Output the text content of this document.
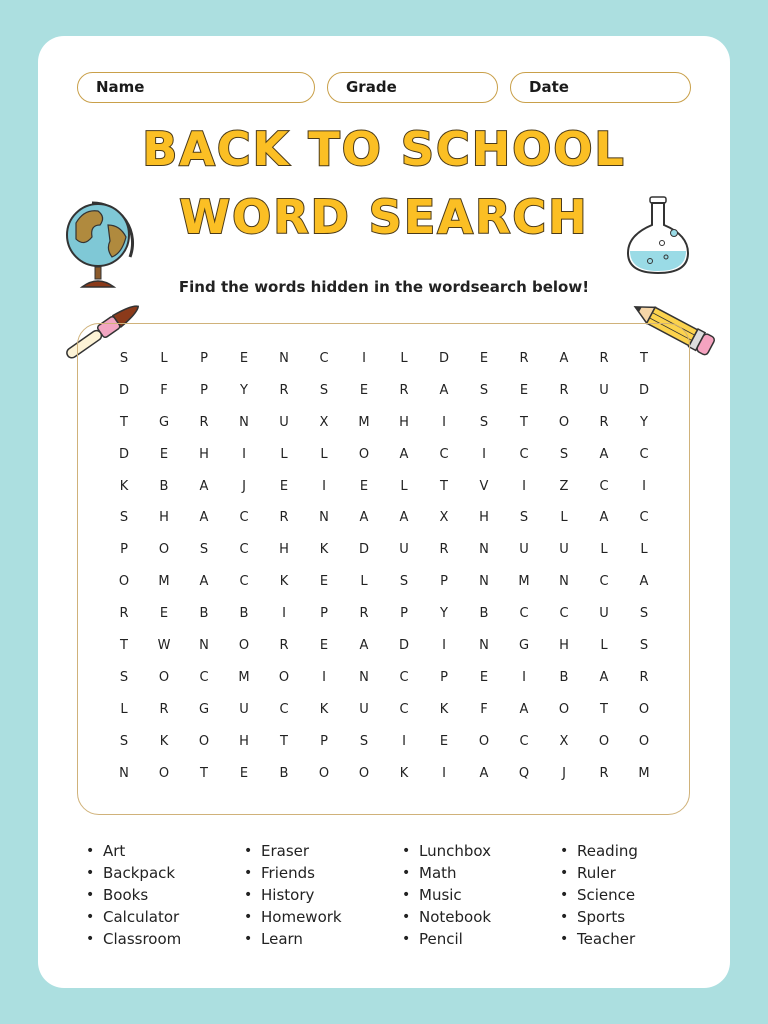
Name	Grade	Date
BACK TO SCHOOL
WORD SEARCH
Find the words hidden in the wordsearch below!
S	L	P	E	N	C	I	L	D	E	R	A	R	T
D	F	P	Y	R	S	E	R	A	S	E	R	U	D
T	G	R	N	U	X	M	H	I	S	T	O	R	Y
D	E	H	I	L	L	O	A	C	I	C	S	A	C
K	B	A	J	E	I	E	L	T	V	I	Z	C	I
S	H	A	C	R	N	A	A	X	H	S	L	A	C
P	O	S	C	H	K	D	U	R	N	U	U	L	L
O	M	A	C	K	E	L	S	P	N	M	N	C	A
R	E	B	B	I	P	R	P	Y	B	C	C	U	S
T	W	N	O	R	E	A	D	I	N	G	H	L	S
S	O	C	M	O	I	N	C	P	E	I	B	A	R
L	R	G	U	C	K	U	C	K	F	A	O	T	O
S	K	O	H	T	P	S	I	E	O	C	X	O	O
N	O	T	E	B	O	O	K	I	A	Q	J	R	M
• Art
• Backpack
• Books
• Calculator
• Classroom
• Eraser
• Friends
• History
• Homework
• Learn
• Lunchbox
• Math
• Music
• Notebook
• Pencil
• Reading
• Ruler
• Science
• Sports
• Teacher
